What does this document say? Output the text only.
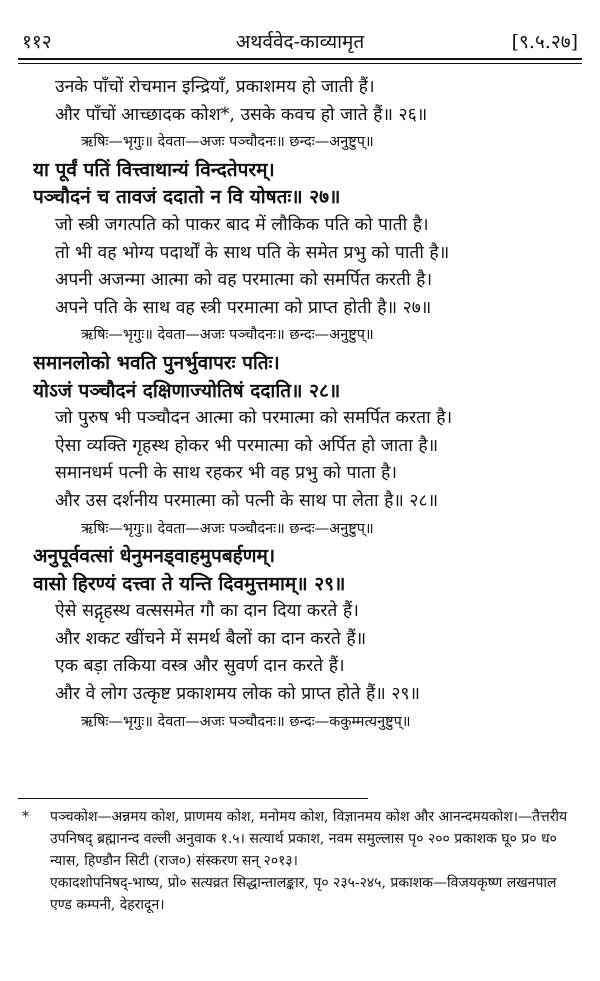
११२	अथर्ववेद-काव्यामृत	[९.५.२७]
उनके पाँचों रोचमान इन्द्रियाँ, प्रकाशमय हो जाती हैं।
और पाँचों आच्छादक कोश*, उसके कवच हो जाते हैं॥ २६॥
ऋषिः—भृगुः॥ देवता—अजः पञ्चौदनः॥ छन्दः—अनुष्टुप्॥
या पूर्वं पतिं वित्त्वाथान्यं विन्दतेपरम्।
पञ्चौदनं च तावजं ददातो न वि योषतः॥ २७॥
जो स्त्री जगत्पति को पाकर बाद में लौकिक पति को पाती है।
तो भी वह भोग्य पदार्थों के साथ पति के समेत प्रभु को पाती है॥
अपनी अजन्मा आत्मा को वह परमात्मा को समर्पित करती है।
अपने पति के साथ वह स्त्री परमात्मा को प्राप्त होती है॥ २७॥
ऋषिः—भृगुः॥ देवता—अजः पञ्चौदनः॥ छन्दः—अनुष्टुप्॥
समानलोको भवति पुनर्भुवापरः पतिः।
योऽजं पञ्चौदनं दक्षिणाज्योतिषं ददाति॥ २८॥
जो पुरुष भी पञ्चौदन आत्मा को परमात्मा को समर्पित करता है।
ऐसा व्यक्ति गृहस्थ होकर भी परमात्मा को अर्पित हो जाता है॥
समानधर्म पत्नी के साथ रहकर भी वह प्रभु को पाता है।
और उस दर्शनीय परमात्मा को पत्नी के साथ पा लेता है॥ २८॥
ऋषिः—भृगुः॥ देवता—अजः पञ्चौदनः॥ छन्दः—अनुष्टुप्॥
अनुपूर्ववत्सां धेनुमनड्वाहमुपबर्हणम्।
वासो हिरण्यं दत्त्वा ते यन्ति दिवमुत्तमाम्॥ २९॥
ऐसे सद्गृहस्थ वत्ससमेत गौ का दान दिया करते हैं।
और शकट खींचने में समर्थ बैलों का दान करते हैं॥
एक बड़ा तकिया वस्त्र और सुवर्ण दान करते हैं।
और वे लोग उत्कृष्ट प्रकाशमय लोक को प्राप्त होते हैं॥ २९॥
ऋषिः—भृगुः॥ देवता—अजः पञ्चौदनः॥ छन्दः—ककुम्मत्यनुष्टुप्॥
* पञ्चकोश—अन्नमय कोश, प्राणमय कोश, मनोमय कोश, विज्ञानमय कोश और आनन्दमयकोश।—तैत्तरीय उपनिषद् ब्रह्मानन्द वल्ली अनुवाक १.५। सत्यार्थ प्रकाश, नवम समुल्लास पृ० २०० प्रकाशक घू० प्र० ध० न्यास, हिण्डौन सिटी (राज०) संस्करण सन् २०१३।
एकादशोपनिषद्-भाष्य, प्रो० सत्यव्रत सिद्धान्तालङ्कार, पृ० २३५-२४५, प्रकाशक—विजयकृष्ण लखनपाल एण्ड कम्पनी, देहरादून।
